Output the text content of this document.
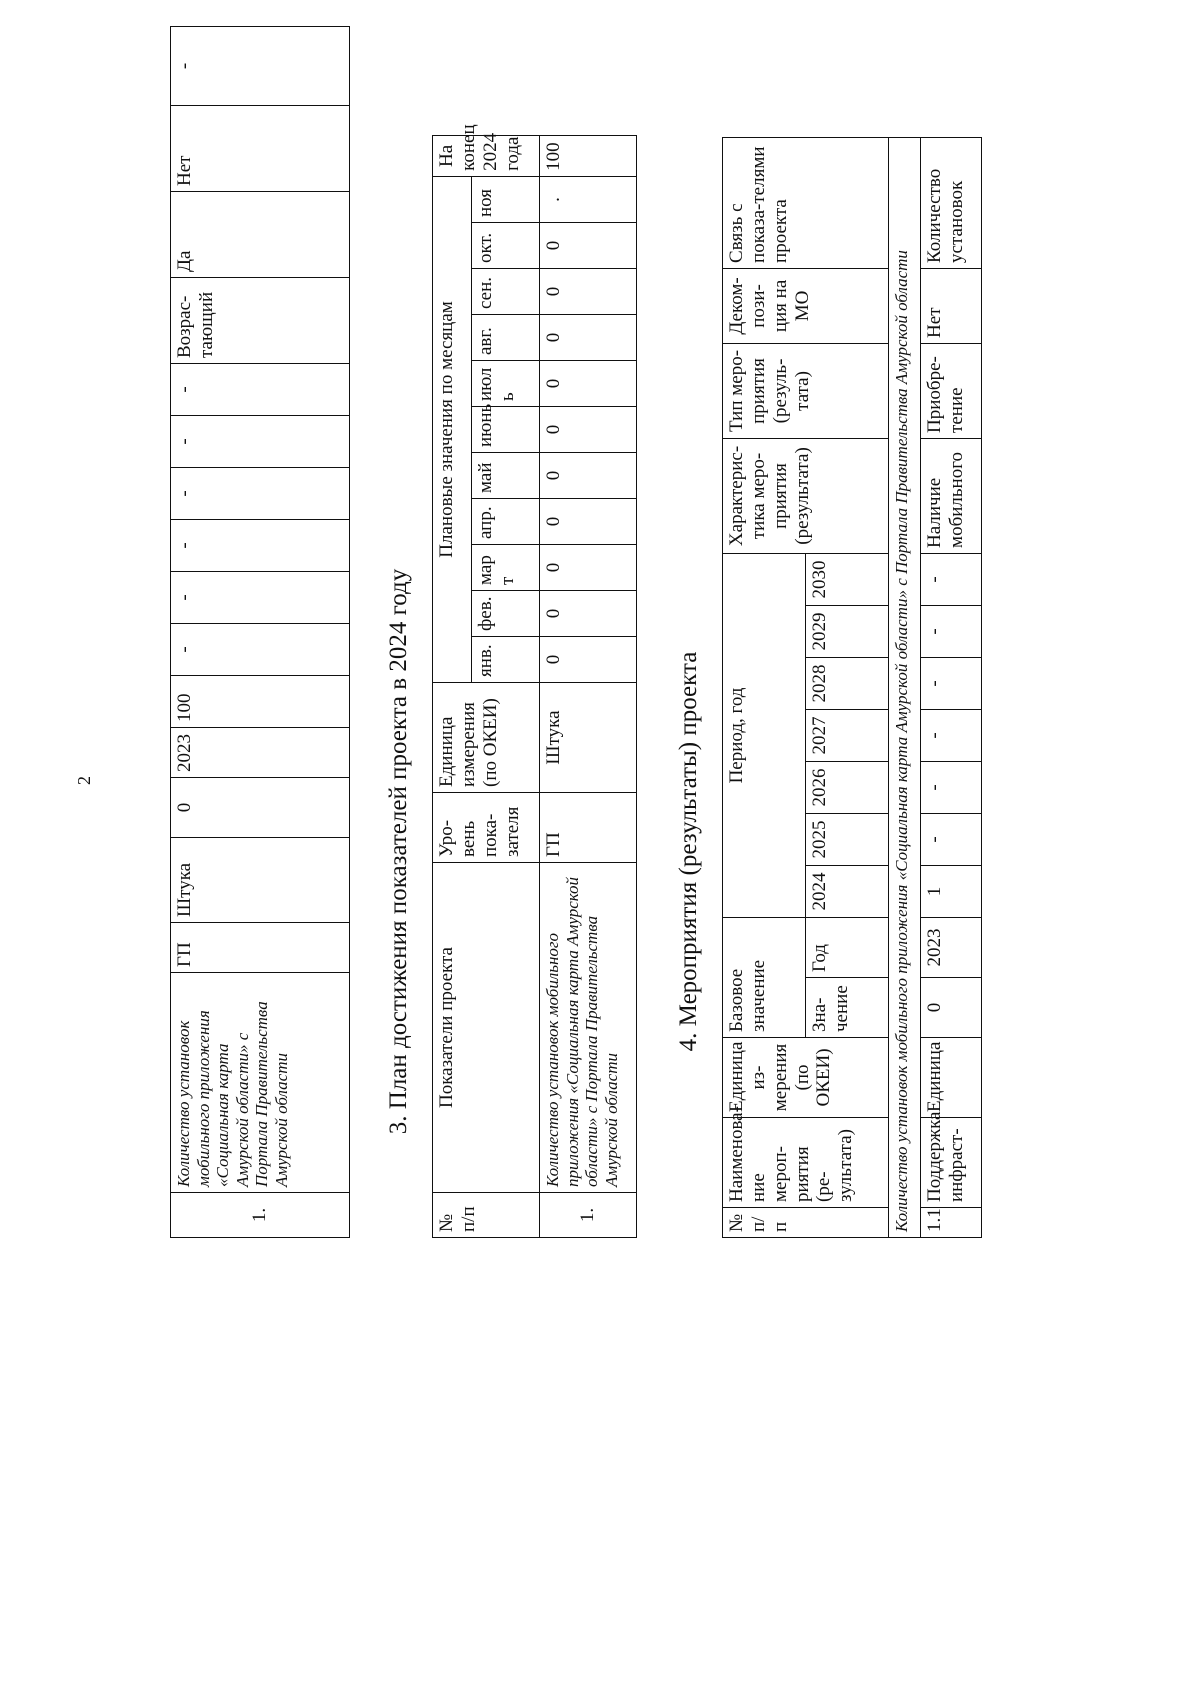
2
1.	Количество установок мобильного приложения «Социальная карта Амурской области» с Портала Правительства Амурской области	ГП	Штука	0	2023	100	-	-	-	-	-	-	Возрас-тающий	Да	Нет	-
3. План достижения показателей проекта в 2024 году
№ п/п	Показатели проекта	Уро-вень пока-зателя	Единица измерения (по ОКЕИ)	Плановые значения по месяцам											На конец 2024 года
				янв.	фев.	мар т	апр.	май	июнь	июл ь	авг.	сен.	окт.	ноя	
1.	Количество установок мобильного приложения «Социальная карта Амурской области» с Портала Правительства Амурской области	ГП	Штука	0	0	0	0	0	0	0	0	0	0	.	100
4. Мероприятия (результаты) проекта
№ п/п	Наименова-ние мероп-риятия (ре-зультата)	Единица из-мерения (по ОКЕИ)	Базовое значение		Период, год							Характерис-тика меро-приятия (результата)	Тип меро-приятия (резуль-тата)	Деком-пози-ция на МО	Связь с показа-телями проекта
			Зна-чение	Год	2024	2025	2026	2027	2028	2029	2030				
Количество установок мобильного приложения «Социальная карта Амурской области» с Портала Правительства Амурской области															
1.1	Поддержка инфраст-	Единица	0	2023	1	-	-	-	-	-	-	Наличие мобильного	Приобре-тение	Нет	Количество установок
